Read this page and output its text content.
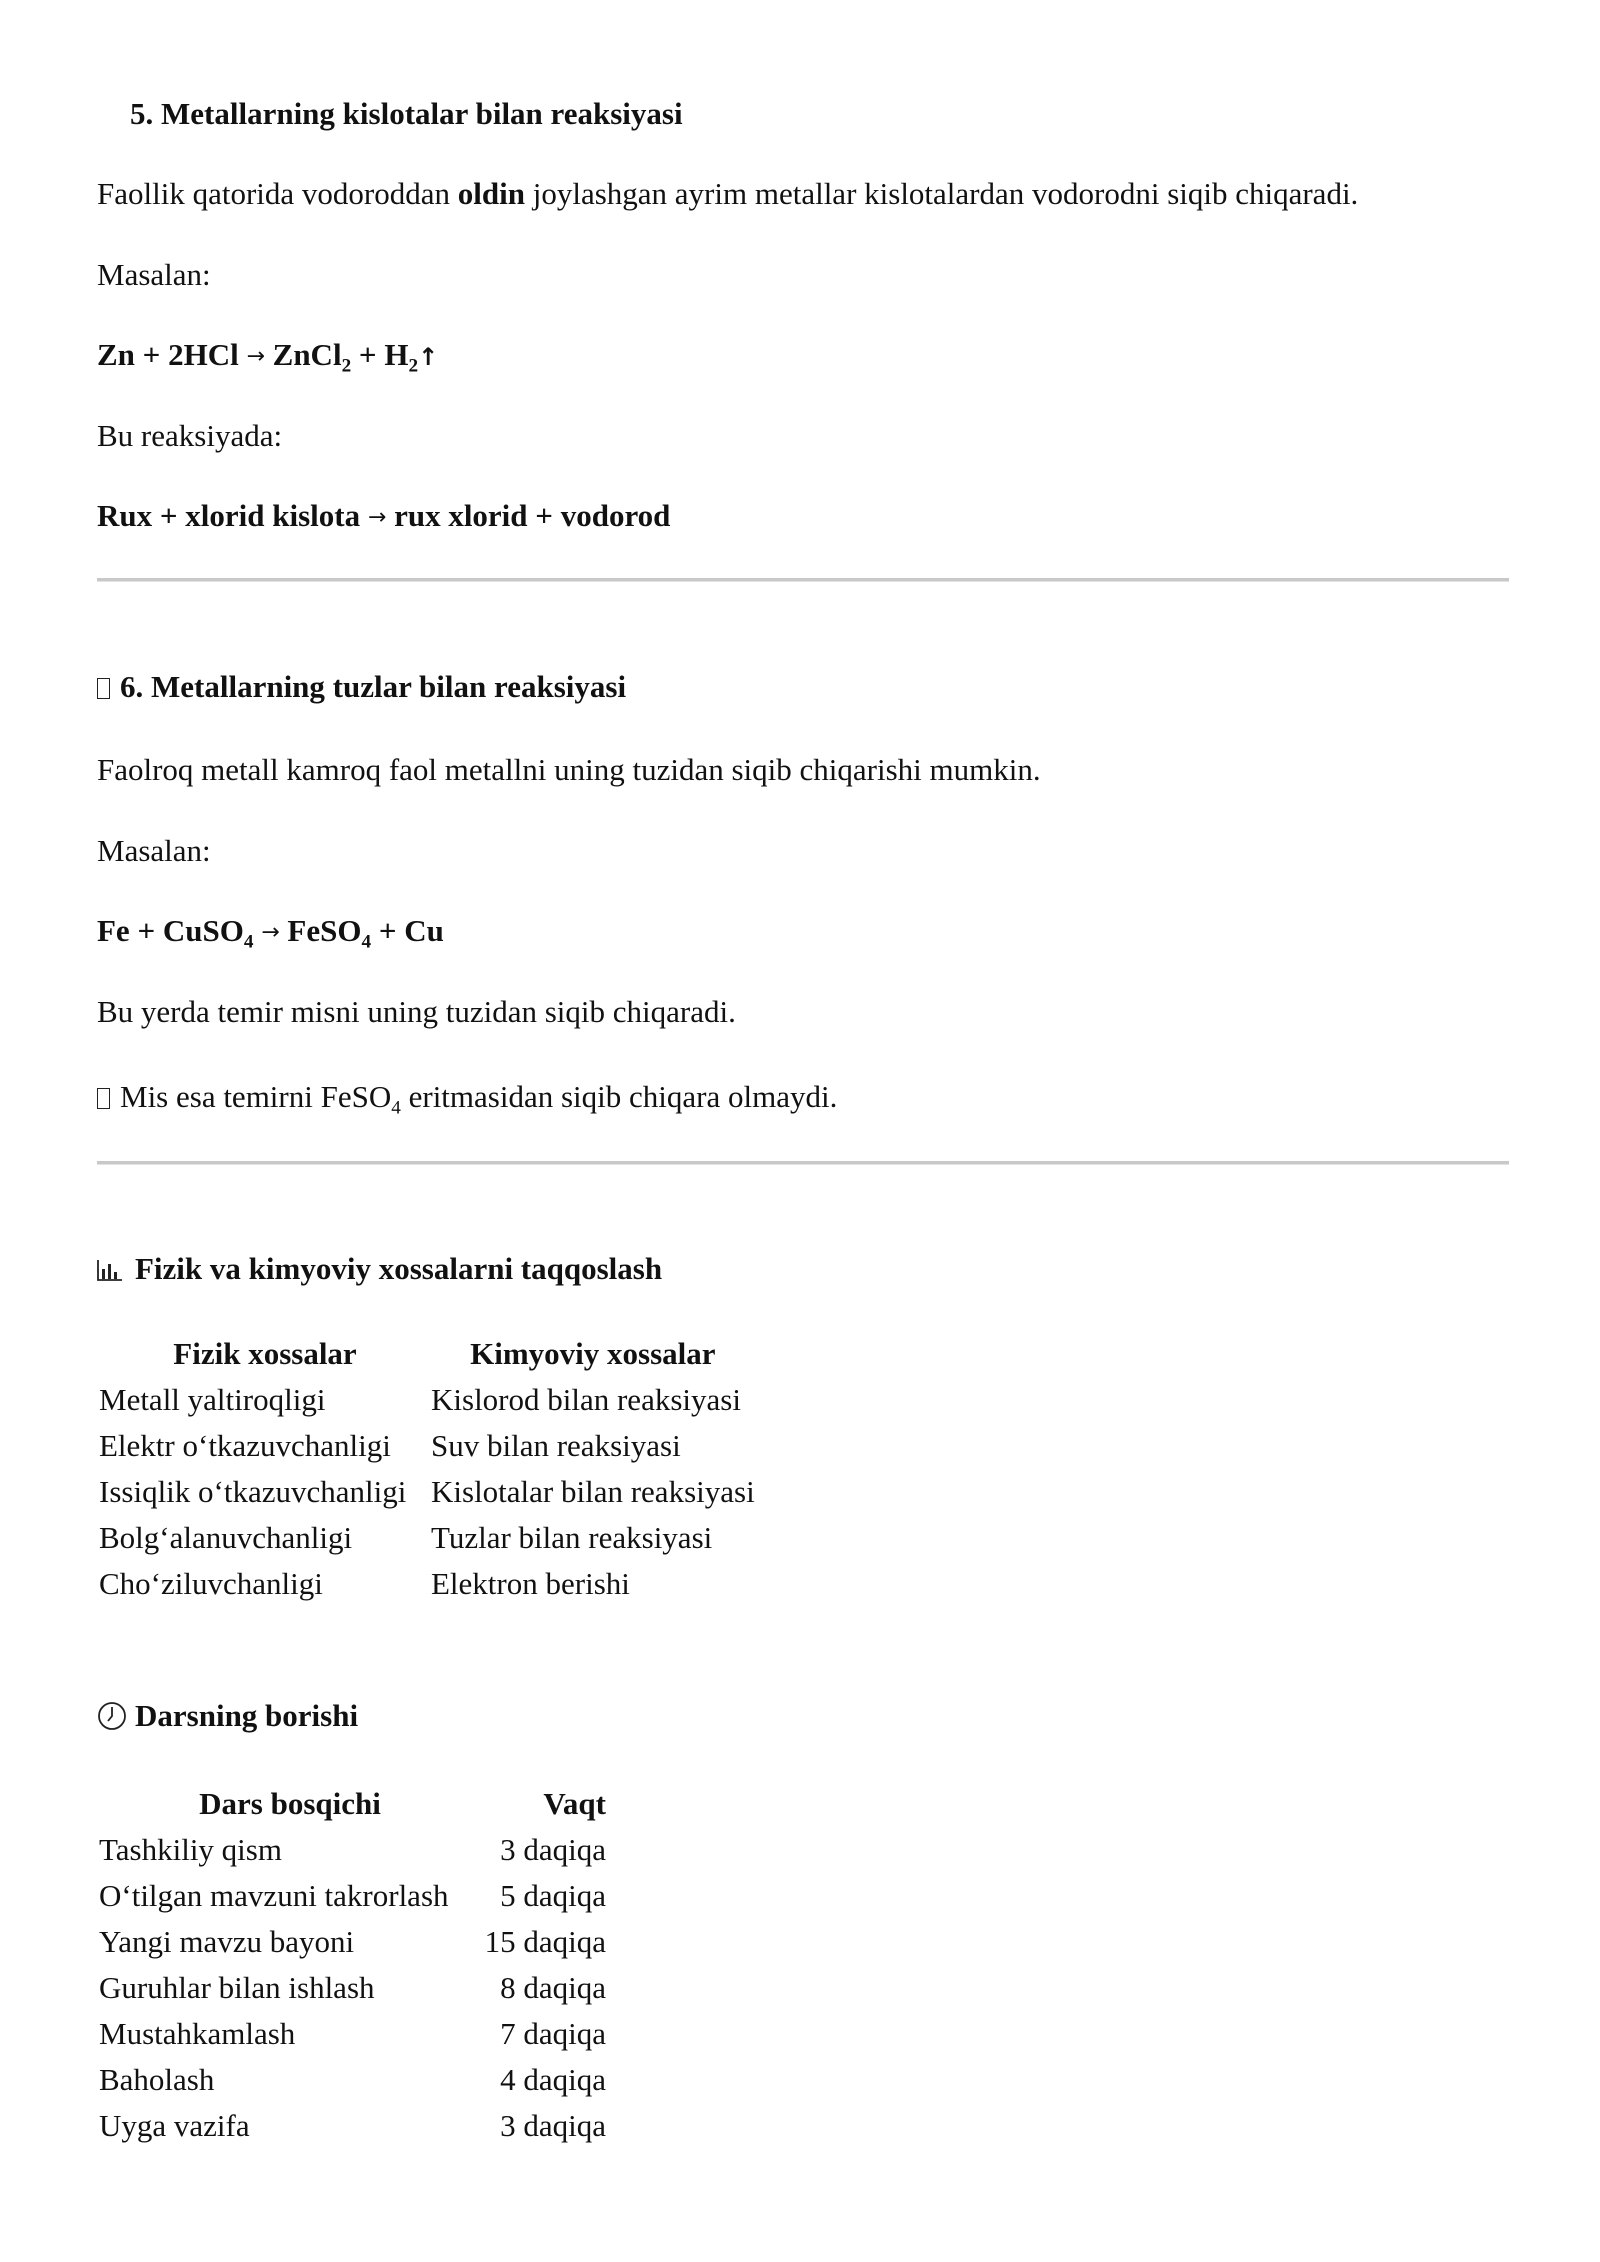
5. Metallarning kislotalar bilan reaksiyasi
Faollik qatorida vodoroddan oldin joylashgan ayrim metallar kislotalardan vodorodni siqib chiqaradi.
Masalan:
Zn + 2HCl → ZnCl$_2$ + $H_2↑$
Bu reaksiyada:
Rux + xlorid kislota → rux xlorid + vodorod
6. Metallarning tuzlar bilan reaksiyasi
Faolroq metall kamroq faol metallni uning tuzidan siqib chiqarishi mumkin.
Masalan:
Fe + CuSO$_4$ → FeSO$_4$ + Cu
Bu yerda temir misni uning tuzidan siqib chiqaradi.
Mis esa temirni FeSO$_4$ eritmasidan siqib chiqara olmaydi.
Fizik va kimyoviy xossalarni taqqoslash
Fizik xossalar	Kimyoviy xossalar
Metall yaltiroqligi	Kislorod bilan reaksiyasi
Elektr o‘tkazuvchanligi	Suv bilan reaksiyasi
Issiqlik o‘tkazuvchanligi	Kislotalar bilan reaksiyasi
Bolg‘alanuvchanligi	Tuzlar bilan reaksiyasi
Cho‘ziluvchanligi	Elektron berishi
Darsning borishi
Dars bosqichi	Vaqt
Tashkiliy qism	3 daqiqa
O‘tilgan mavzuni takrorlash	5 daqiqa
Yangi mavzu bayoni	15 daqiqa
Guruhlar bilan ishlash	8 daqiqa
Mustahkamlash	7 daqiqa
Baholash	4 daqiqa
Uyga vazifa	3 daqiqa
